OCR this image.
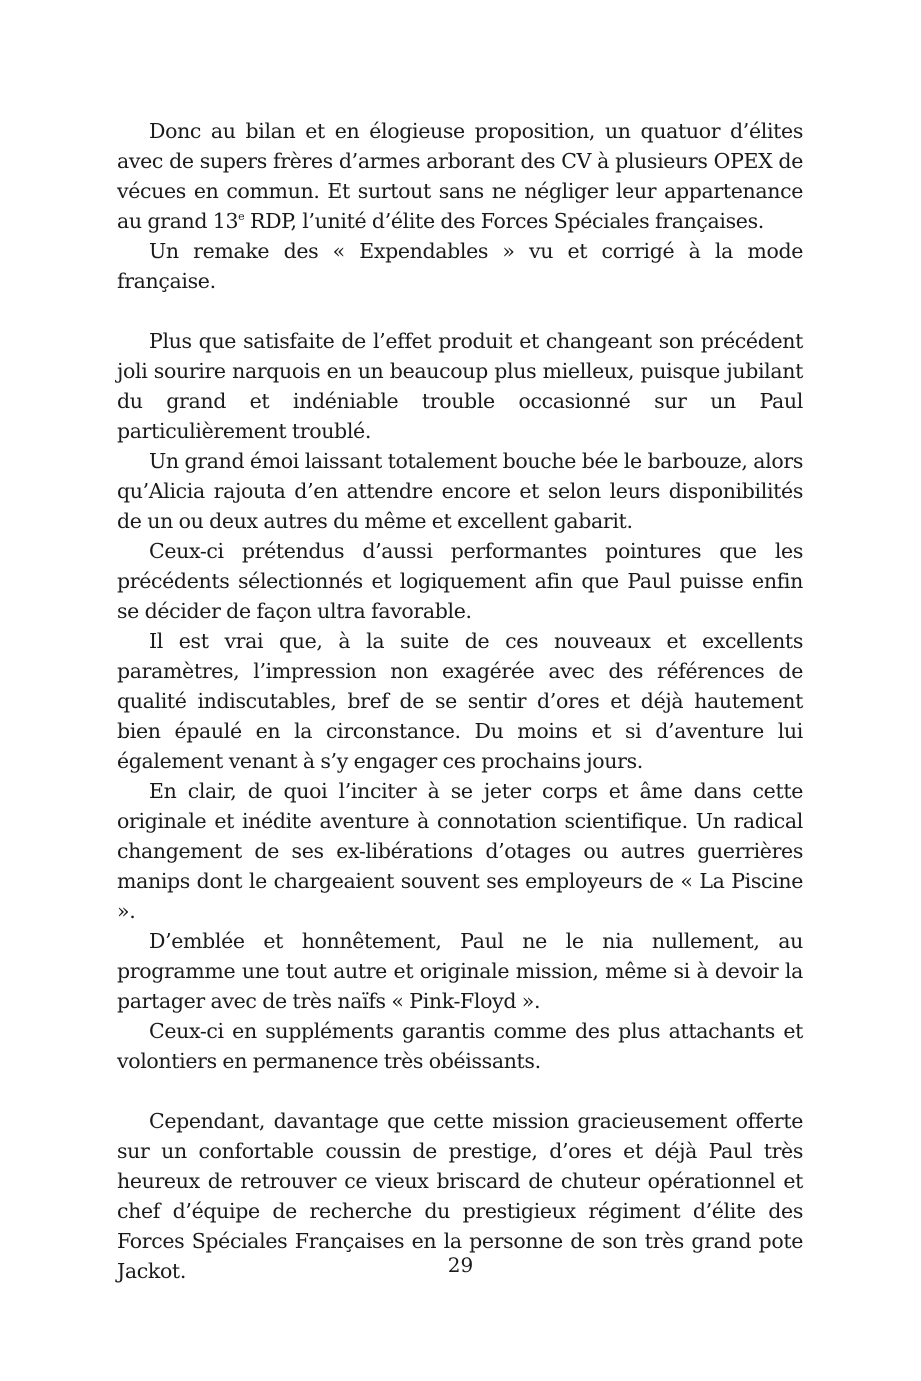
Donc au bilan et en élogieuse proposition, un quatuor d’élites avec de supers frères d’armes arborant des CV à plusieurs OPEX de vécues en commun. Et surtout sans ne négliger leur appartenance au grand 13e RDP, l’unité d’élite des Forces Spéciales françaises.

Un remake des « Expendables » vu et corrigé à la mode française.

Plus que satisfaite de l’effet produit et changeant son précédent joli sourire narquois en un beaucoup plus mielleux, puisque jubilant du grand et indéniable trouble occasionné sur un Paul particulièrement troublé.

Un grand émoi laissant totalement bouche bée le barbouze, alors qu’Alicia rajouta d’en attendre encore et selon leurs disponibilités de un ou deux autres du même et excellent gabarit.

Ceux-ci prétendus d’aussi performantes pointures que les précédents sélectionnés et logiquement afin que Paul puisse enfin se décider de façon ultra favorable.

Il est vrai que, à la suite de ces nouveaux et excellents paramètres, l’impression non exagérée avec des références de qualité indiscutables, bref de se sentir d’ores et déjà hautement bien épaulé en la circonstance. Du moins et si d’aventure lui également venant à s’y engager ces prochains jours.

En clair, de quoi l’inciter à se jeter corps et âme dans cette originale et inédite aventure à connotation scientifique. Un radical changement de ses ex-libérations d’otages ou autres guerrières manips dont le chargeaient souvent ses employeurs de « La Piscine ».

D’emblée et honnêtement, Paul ne le nia nullement, au programme une tout autre et originale mission, même si à devoir la partager avec de très naïfs « Pink-Floyd ».

Ceux-ci en suppléments garantis comme des plus attachants et volontiers en permanence très obéissants.

Cependant, davantage que cette mission gracieusement offerte sur un confortable coussin de prestige, d’ores et déjà Paul très heureux de retrouver ce vieux briscard de chuteur opérationnel et chef d’équipe de recherche du prestigieux régiment d’élite des Forces Spéciales Françaises en la personne de son très grand pote Jackot.	29
